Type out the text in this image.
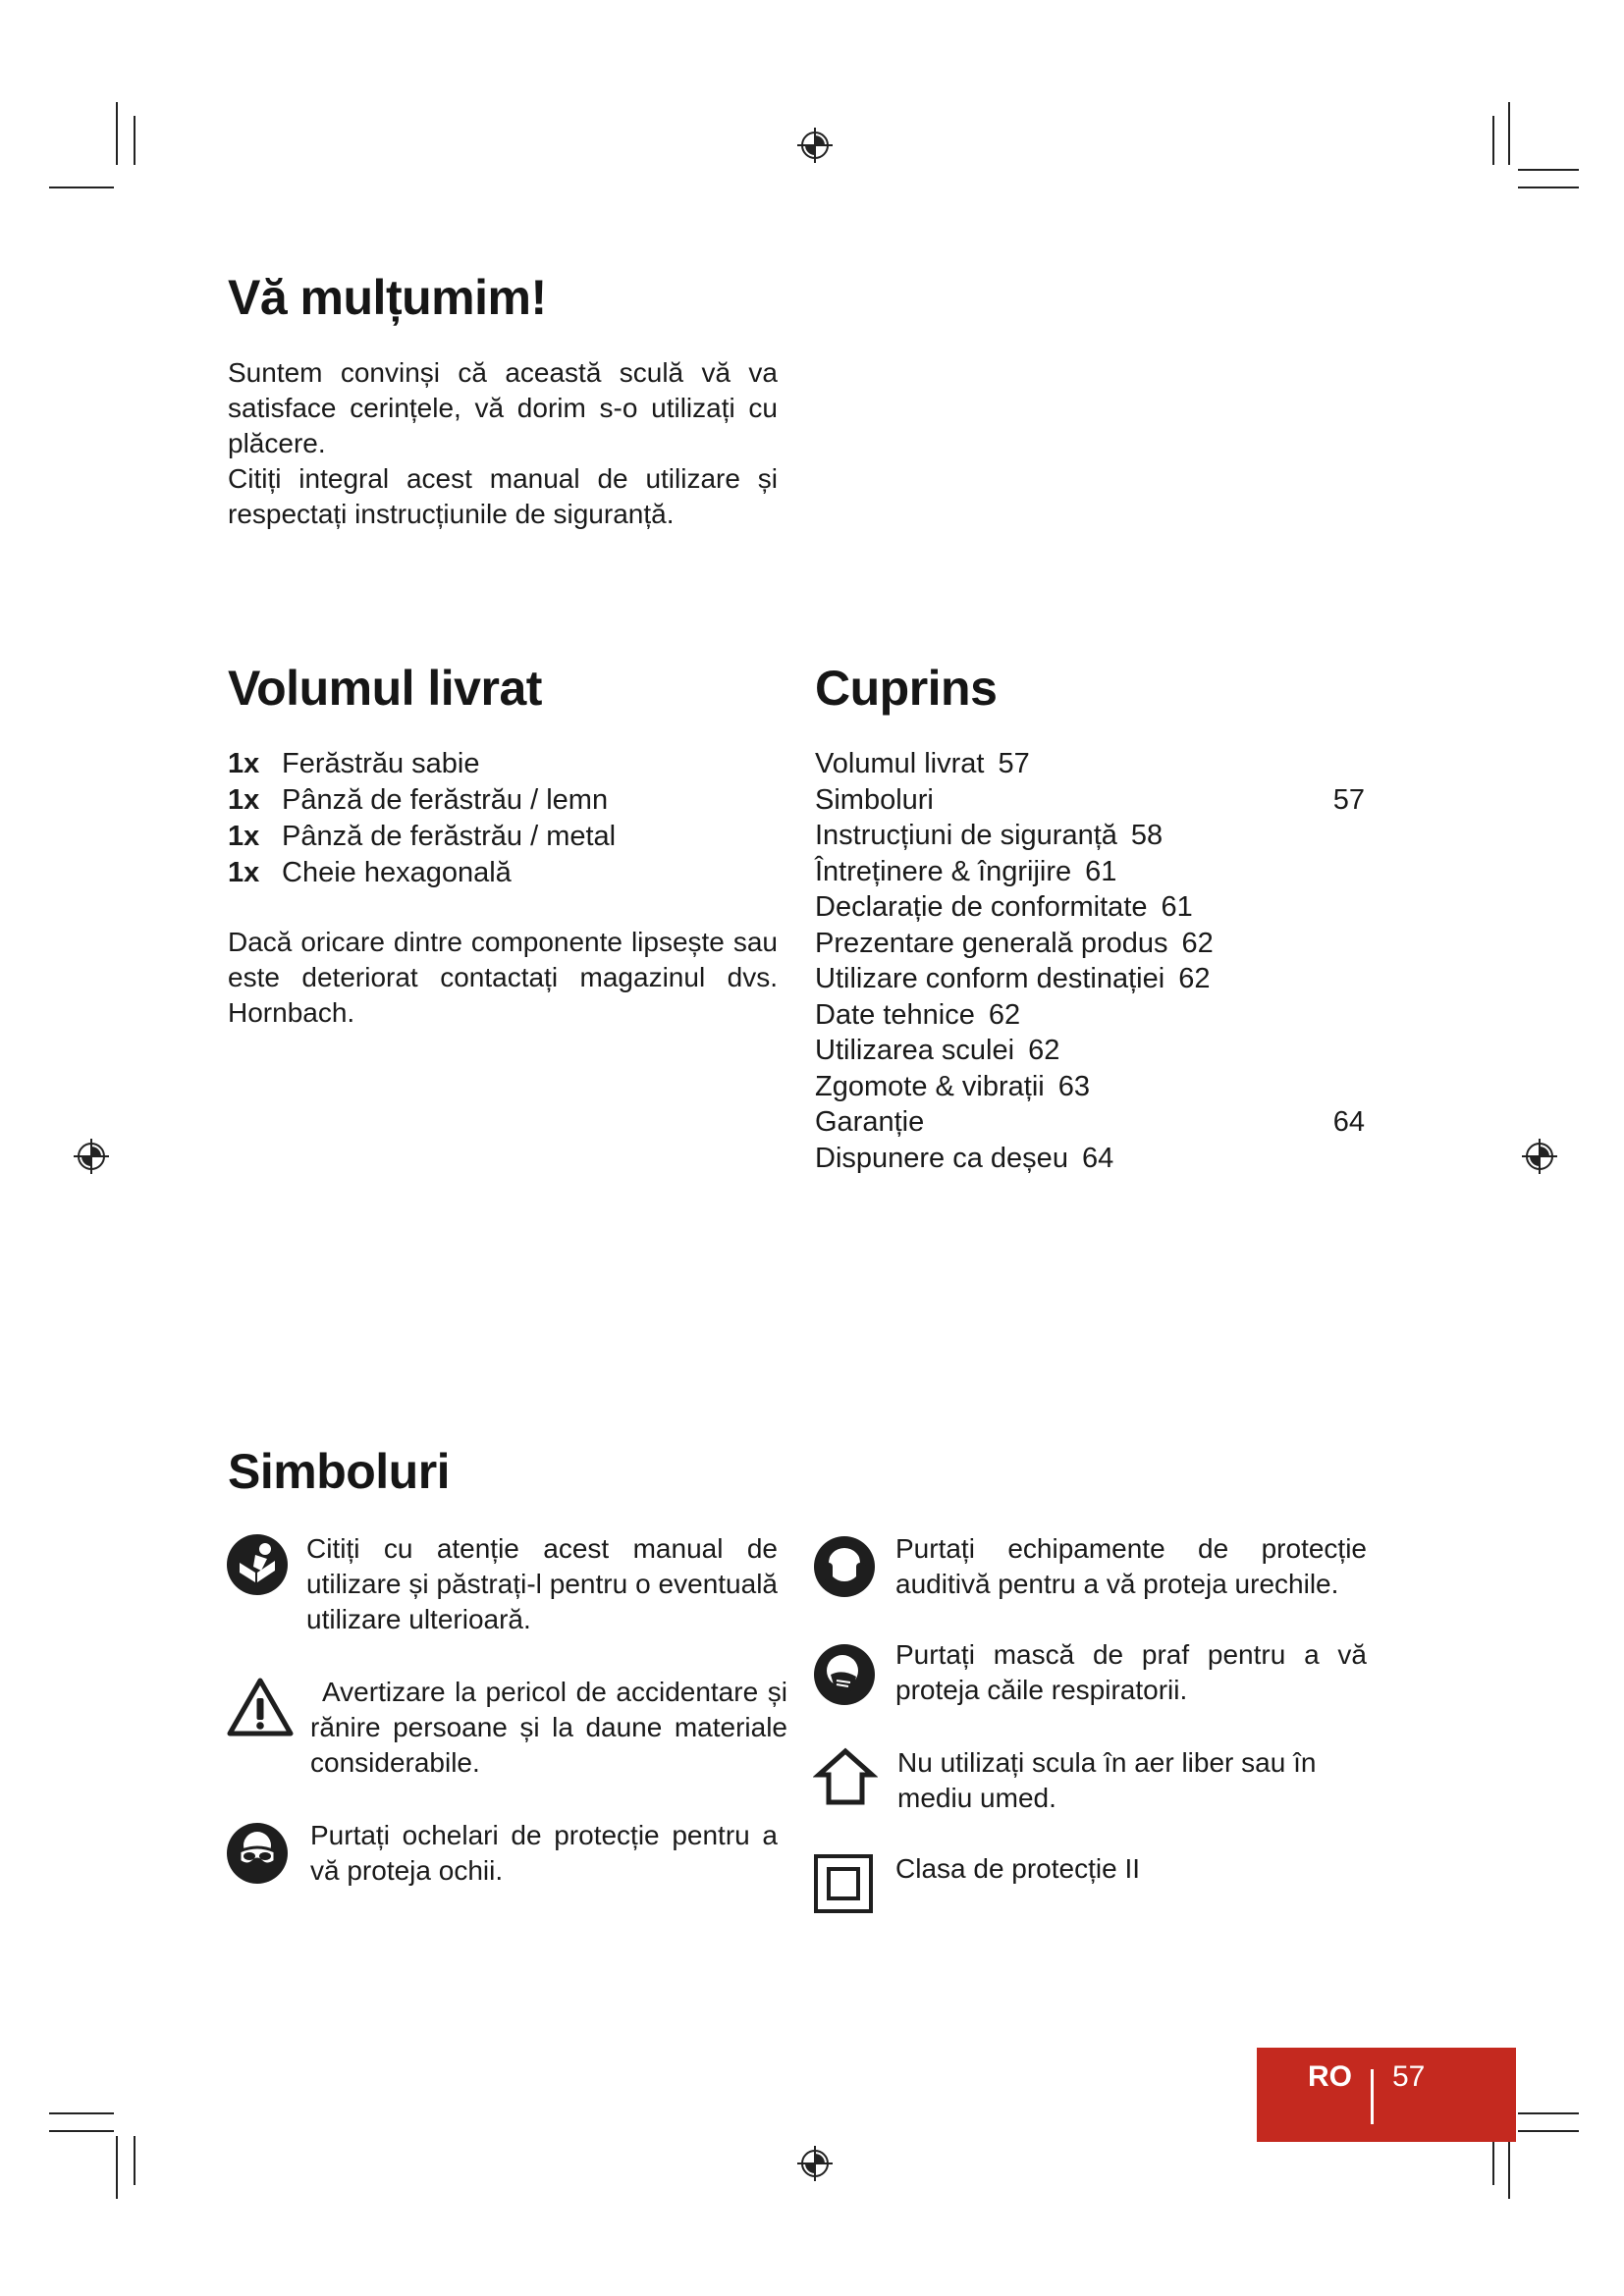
Vă mulțumim!

Suntem convinși că această sculă vă va satisface cerințele, vă dorim s-o utilizați cu plăcere.

Citiți integral acest manual de utilizare și respectați instrucțiunile de siguranță.

Volumul livrat
1x Ferăstrău sabie
1x Pânză de ferăstrău / lemn
1x Pânză de ferăstrău / metal
1x Cheie hexagonală

Dacă oricare dintre componente lipsește sau este deteriorat contactați magazinul dvs. Hornbach.

Cuprins
Volumul livrat 57
Simboluri	57
Instrucțiuni de siguranță 58
Întreținere & îngrijire 61
Declarație de conformitate 61
Prezentare generală produs 62
Utilizare conform destinației 62
Date tehnice 62
Utilizarea sculei 62
Zgomote & vibrații 63
Garanție	64
Dispunere ca deșeu 64
Simboluri

Citiți cu atenție acest manual de utilizare și păstrați-l pentru o eventuală utilizare ulterioară.

Avertizare la pericol de accidentare și rănire persoane și la daune materiale considerabile.

Purtați ochelari de protecție pentru a vă proteja ochii.

Purtați echipamente de protecție auditivă pentru a vă proteja urechile.

Purtați mască de praf pentru a vă proteja căile respiratorii.

Nu utilizați scula în aer liber sau în mediu umed.

Clasa de protecție II

RO 57
